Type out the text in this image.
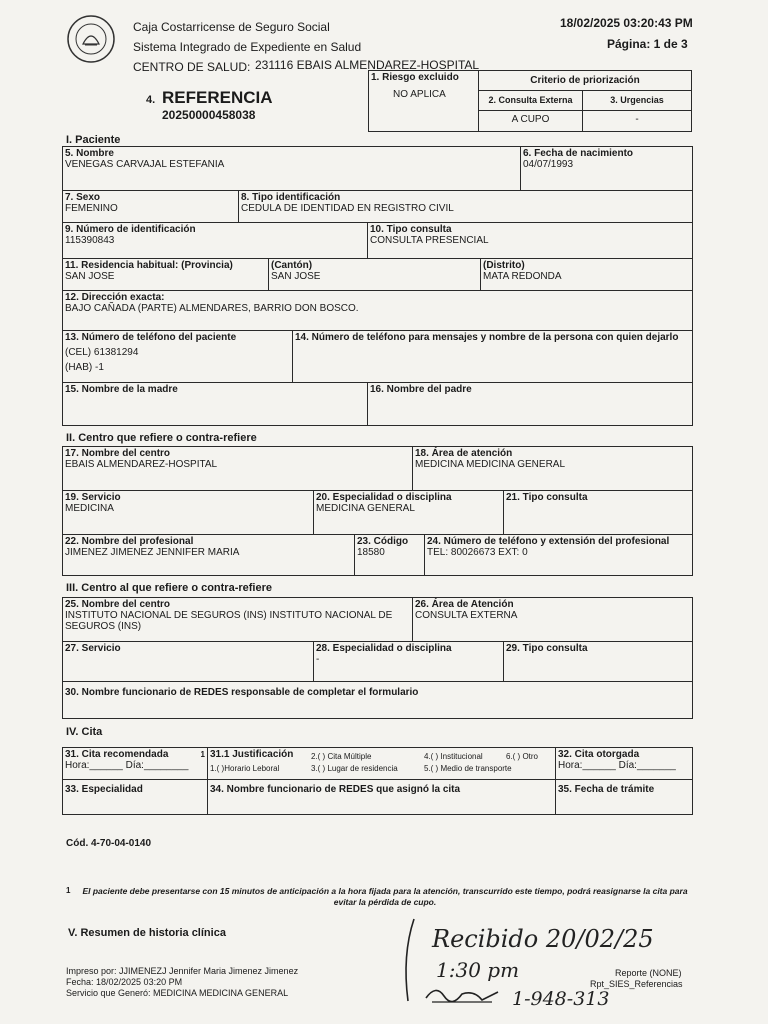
Caja Costarricense de Seguro Social
Sistema Integrado de Expediente en Salud
CENTRO DE SALUD: 231116 EBAIS ALMENDAREZ-HOSPITAL
18/02/2025 03:20:43 PM
Página: 1 de 3
4. REFERENCIA
20250000458038
1. Riesgo excluido
NO APLICA
Criterio de priorización
2. Consulta Externa	3. Urgencias
A CUPO	-
I. Paciente
5. Nombre
VENEGAS CARVAJAL ESTEFANIA
6. Fecha de nacimiento
04/07/1993
7. Sexo
FEMENINO
8. Tipo identificación
CEDULA DE IDENTIDAD EN REGISTRO CIVIL
9. Número de identificación
115390843
10. Tipo consulta
CONSULTA PRESENCIAL
11. Residencia habitual: (Provincia)
SAN JOSE
(Cantón)
SAN JOSE
(Distrito)
MATA REDONDA
12. Dirección exacta:
BAJO CAÑADA (PARTE) ALMENDARES, BARRIO DON BOSCO.
13. Número de teléfono del paciente
(CEL) 61381294
(HAB) -1
14. Número de teléfono para mensajes y nombre de la persona con quien dejarlo
15. Nombre de la madre	16. Nombre del padre
II. Centro que refiere o contra-refiere
17. Nombre del centro
EBAIS ALMENDAREZ-HOSPITAL
18. Área de atención
MEDICINA MEDICINA GENERAL
19. Servicio
MEDICINA
20. Especialidad o disciplina
MEDICINA GENERAL
21. Tipo consulta
22. Nombre del profesional
JIMENEZ JIMENEZ JENNIFER MARIA
23. Código
18580
24. Número de teléfono y extensión del profesional
TEL: 80026673 EXT: 0
III. Centro al que refiere o contra-refiere
25. Nombre del centro
INSTITUTO NACIONAL DE SEGUROS (INS) INSTITUTO NACIONAL DE SEGUROS (INS)
26. Área de Atención
CONSULTA EXTERNA
27. Servicio	28. Especialidad o disciplina
-
29. Tipo consulta
30. Nombre funcionario de REDES responsable de completar el formulario
IV. Cita
31. Cita recomendada	1
Hora:______ Día:________
31.1 Justificación 2.( ) Cita Múltiple	4.( ) Institucional	6.( ) Otro
1.( )Horario Leboral	3.( ) Lugar de residencia	5.( ) Medio de transporte
32. Cita otorgada
Hora:______ Día:_______
33. Especialidad	34. Nombre funcionario de REDES que asignó la cita	35. Fecha de trámite
Cód. 4-70-04-0140
1	El paciente debe presentarse con 15 minutos de anticipación a la hora fijada para la atención, transcurrido este tiempo, podrá reasignarse la cita para evitar la pérdida de cupo.
V. Resumen de historia clínica
Impreso por: JJIMENEZJ Jennifer Maria Jimenez Jimenez
Fecha: 18/02/2025 03:20 PM
Servicio que Generó: MEDICINA MEDICINA GENERAL
Reporte (NONE)
Rpt_SIES_Referencias
Recibido 20/02/25
1:30 pm
1-948-313
